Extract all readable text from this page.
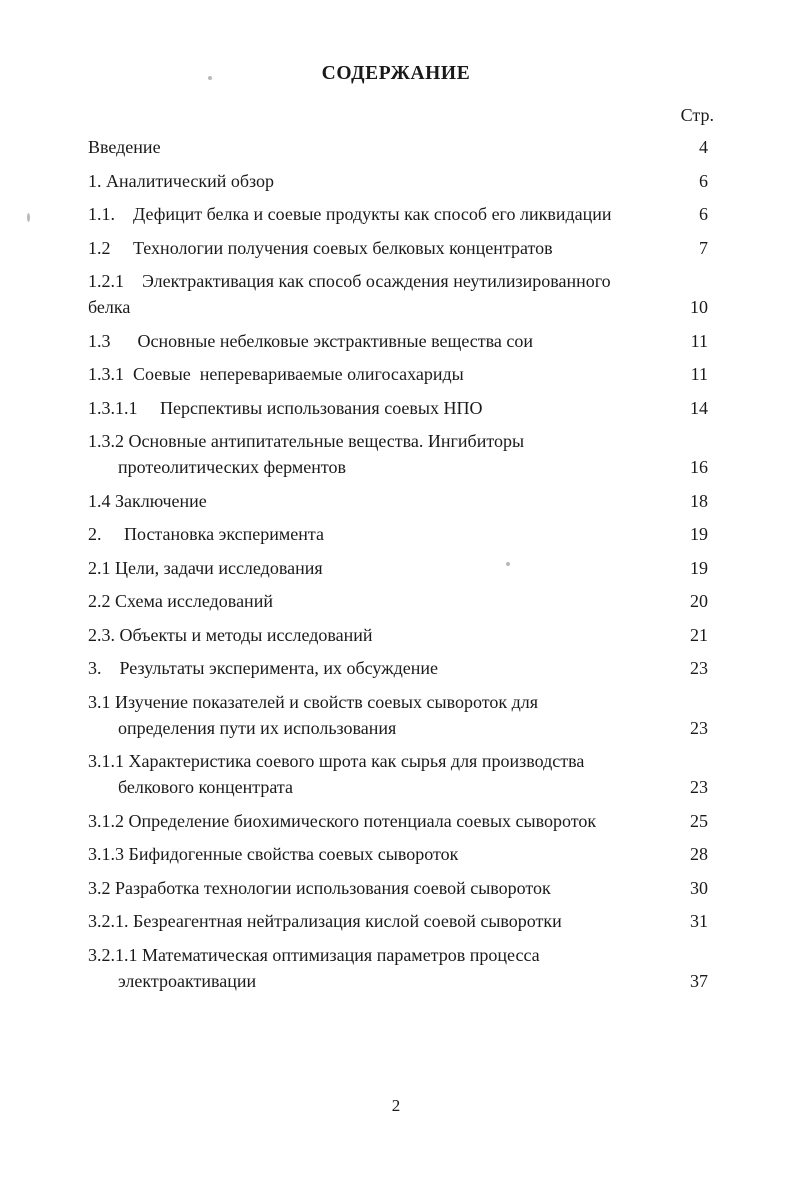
СОДЕРЖАНИЕ
Стр.
Введение	4
1. Аналитический обзор	6
1.1.    Дефицит белка и соевые продукты как способ его ликвидации	6
1.2     Технологии получения соевых белковых концентратов	7
1.2.1    Электрактивация как способ осаждения неутилизированного
белка	10
1.3      Основные небелковые экстрактивные вещества сои	11
1.3.1  Соевые  неперевариваемые олигосахариды	11
1.3.1.1     Перспективы использования соевых НПО	14
1.3.2 Основные антипитательные вещества. Ингибиторы
протеолитических ферментов	16
1.4 Заключение	18
2.     Постановка эксперимента	19
2.1 Цели, задачи исследования	19
2.2 Схема исследований	20
2.3. Объекты и методы исследований	21
3.    Результаты эксперимента, их обсуждение	23
3.1 Изучение показателей и свойств соевых сывороток для
определения пути их использования	23
3.1.1 Характеристика соевого шрота как сырья для производства
белкового концентрата	23
3.1.2 Определение биохимического потенциала соевых сывороток	25
3.1.3 Бифидогенные свойства соевых сывороток	28
3.2 Разработка технологии использования соевой сывороток	30
3.2.1. Безреагентная нейтрализация кислой соевой сыворотки	31
3.2.1.1 Математическая оптимизация параметров процесса
электроактивации	37
2
